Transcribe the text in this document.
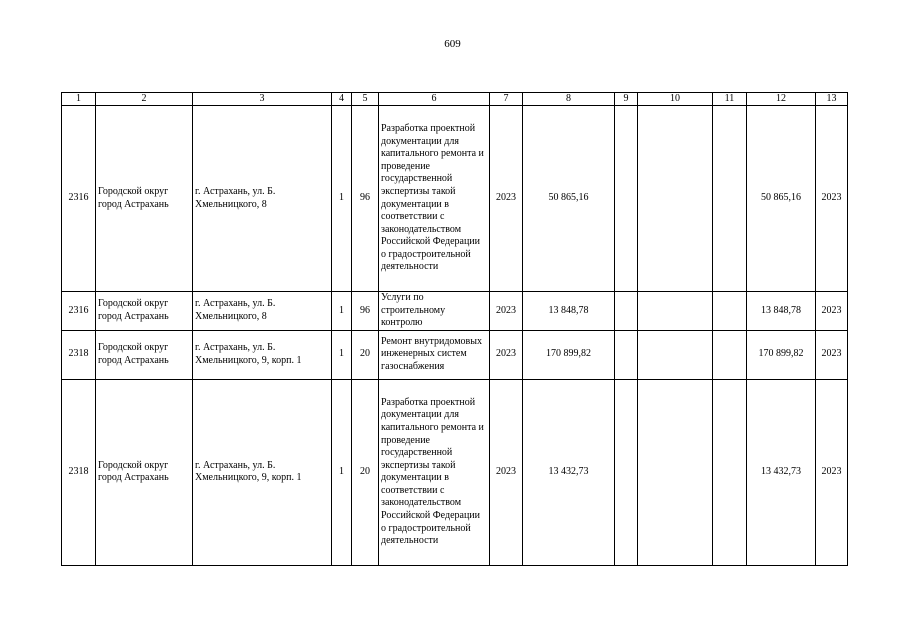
609
1	2	3	4	5	6	7	8	9	10	11	12	13
2316	Городской округ город Астрахань	г. Астрахань, ул. Б. Хмельницкого, 8	1	96	Разработка проектной документации для капитального ремонта и проведение государственной экспертизы такой документации в соответствии с законодательством Российской Федерации о градостроительной деятельности	2023	50 865,16				50 865,16	2023
2316	Городской округ город Астрахань	г. Астрахань, ул. Б. Хмельницкого, 8	1	96	Услуги по строительному контролю	2023	13 848,78				13 848,78	2023
2318	Городской округ город Астрахань	г. Астрахань, ул. Б. Хмельницкого, 9, корп. 1	1	20	Ремонт внутридомовых инженерных систем газоснабжения	2023	170 899,82				170 899,82	2023
2318	Городской округ город Астрахань	г. Астрахань, ул. Б. Хмельницкого, 9, корп. 1	1	20	Разработка проектной документации для капитального ремонта и проведение государственной экспертизы такой документации в соответствии с законодательством Российской Федерации о градостроительной деятельности	2023	13 432,73				13 432,73	2023
